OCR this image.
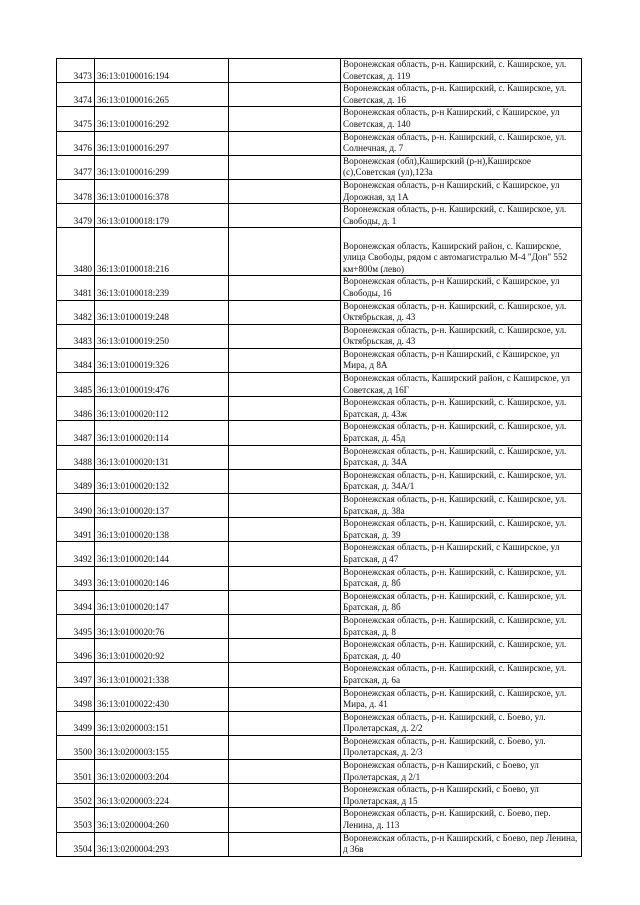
3473	36:13:0100016:194		Воронежская область, р-н. Каширский, с. Каширское, ул. Советская, д. 119
3474	36:13:0100016:265		Воронежская область, р-н. Каширский, с. Каширское, ул. Советская, д. 16
3475	36:13:0100016:292		Воронежская область, р-н Каширский, с Каширское, ул Советская, д. 140
3476	36:13:0100016:297		Воронежская область, р-н. Каширский, с. Каширское, ул. Солнечная, д. 7
3477	36:13:0100016:299		Воронежская (обл),Каширский (р-н),Каширское (с),Советская (ул),123а
3478	36:13:0100016:378		Воронежская область, р-н Каширский, с Каширское, ул Дорожная, зд 1А
3479	36:13:0100018:179		Воронежская область, р-н. Каширский, с. Каширское, ул. Свободы, д. 1
3480	36:13:0100018:216		Воронежская область, Каширский район, с. Каширское, улица Свободы, рядом с автомагистралью М-4 "Дон" 552 км+800м (лево)
3481	36:13:0100018:239		Воронежская область, р-н Каширский, с Каширское, ул Свободы, 16
3482	36:13:0100019:248		Воронежская область, р-н. Каширский, с. Каширское, ул. Октябрьская, д. 43
3483	36:13:0100019:250		Воронежская область, р-н. Каширский, с. Каширское, ул. Октябрьская, д. 43
3484	36:13:0100019:326		Воронежская область, р-н Каширский, с Каширское, ул Мира, д 8А
3485	36:13:0100019:476		Воронежская область, Каширский район, с Каширское, ул Советская, д 16Г
3486	36:13:0100020:112		Воронежская область, р-н. Каширский, с. Каширское, ул. Братская, д. 43ж
3487	36:13:0100020:114		Воронежская область, р-н. Каширский, с. Каширское, ул. Братская, д. 45д
3488	36:13:0100020:131		Воронежская область, р-н. Каширский, с. Каширское, ул. Братская, д. 34А
3489	36:13:0100020:132		Воронежская область, р-н. Каширский, с. Каширское, ул. Братская, д. 34А/1
3490	36:13:0100020:137		Воронежская область, р-н. Каширский, с. Каширское, ул. Братская, д. 38а
3491	36:13:0100020:138		Воронежская область, р-н. Каширский, с. Каширское, ул. Братская, д. 39
3492	36:13:0100020:144		Воронежская область, р-н Каширский, с Каширское, ул Братская, д 47
3493	36:13:0100020:146		Воронежская область, р-н. Каширский, с. Каширское, ул. Братская, д. 8б
3494	36:13:0100020:147		Воронежская область, р-н. Каширский, с. Каширское, ул. Братская, д. 8б
3495	36:13:0100020:76		Воронежская область, р-н. Каширский, с. Каширское, ул. Братская, д. 8
3496	36:13:0100020:92		Воронежская область, р-н. Каширский, с. Каширское, ул. Братская, д. 40
3497	36:13:0100021:338		Воронежская область, р-н. Каширский, с. Каширское, ул. Братская, д. 6а
3498	36:13:0100022:430		Воронежская область, р-н. Каширский, с. Каширское, ул. Мира, д. 41
3499	36:13:0200003:151		Воронежская область, р-н. Каширский, с. Боево, ул. Пролетарская, д. 2/2
3500	36:13:0200003:155		Воронежская область, р-н. Каширский, с. Боево, ул. Пролетарская, д. 2/3
3501	36:13:0200003:204		Воронежская область, р-н Каширский, с Боево, ул Пролетарская, д 2/1
3502	36:13:0200003:224		Воронежская область, р-н Каширский, с Боево, ул Пролетарская, д 15
3503	36:13:0200004:260		Воронежская область, р-н. Каширский, с. Боево, пер. Ленина, д. 113
3504	36:13:0200004:293		Воронежская область, р-н Каширский, с Боево, пер Ленина, д 36в
